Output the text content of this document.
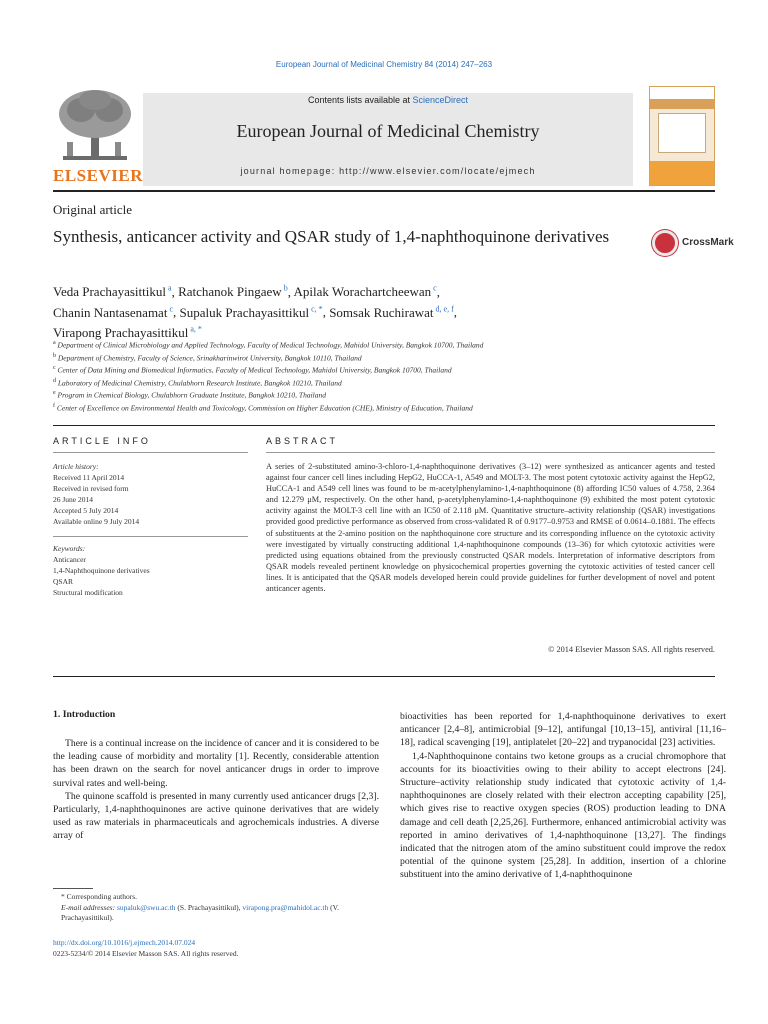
European Journal of Medicinal Chemistry 84 (2014) 247–263
ELSEVIER
Contents lists available at ScienceDirect
European Journal of Medicinal Chemistry
journal homepage: http://www.elsevier.com/locate/ejmech
Original article
Synthesis, anticancer activity and QSAR study of 1,4-naphthoquinone derivatives	CrossMark
Veda Prachayasittikul $^a$, Ratchanok Pingaew $^b$, Apilak Worachartcheewan $^c$,
Chanin Nantasenamat $^c$, Supaluk Prachayasittikul $^{c, *}$, Somsak Ruchirawat $^{d, e, f}$,
Virapong Prachayasittikul $^{a, *}$
$^a$ Department of Clinical Microbiology and Applied Technology, Faculty of Medical Technology, Mahidol University, Bangkok 10700, Thailand
$^b$ Department of Chemistry, Faculty of Science, Srinakharinwirot University, Bangkok 10110, Thailand
$^c$ Center of Data Mining and Biomedical Informatics, Faculty of Medical Technology, Mahidol University, Bangkok 10700, Thailand
$^d$ Laboratory of Medicinal Chemistry, Chulabhorn Research Institute, Bangkok 10210, Thailand
$^e$ Program in Chemical Biology, Chulabhorn Graduate Institute, Bangkok 10210, Thailand
$^f$ Center of Excellence on Environmental Health and Toxicology, Commission on Higher Education (CHE), Ministry of Education, Thailand
ARTICLE INFO
Article history:
Received 11 April 2014
Received in revised form
26 June 2014
Accepted 5 July 2014
Available online 9 July 2014
Keywords:
Anticancer
1,4-Naphthoquinone derivatives
QSAR
Structural modification
ABSTRACT
A series of 2-substituted amino-3-chloro-1,4-naphthoquinone derivatives (3–12) were synthesized as anticancer agents and tested against four cancer cell lines including HepG2, HuCCA-1, A549 and MOLT-3. The most potent cytotoxic activity against the HepG2, HuCCA-1 and A549 cell lines was found to be m-acetylphenylamino-1,4-naphthoquinone (8) affording IC50 values of 4.758, 2.364 and 12.279 μM, respectively. On the other hand, p-acetylphenylamino-1,4-naphthoquinone (9) exhibited the most potent cytotoxic activity against the MOLT-3 cell line with an IC50 of 2.118 μM. Quantitative structure–activity relationship (QSAR) investigations provided good predictive performance as observed from cross-validated R of 0.9177–0.9753 and RMSE of 0.0614–0.1881. The effects of substituents at the 2-amino position on the naphthoquinone core structure and its corresponding influence on the cytotoxic activity were investigated by virtually constructing additional 1,4-naphthoquinone compounds (13–36) for which cytotoxic activities were predicted using equations obtained from the previously constructed QSAR models. Interpretation of informative descriptors from QSAR models revealed pertinent knowledge on physicochemical properties governing the cytotoxic activities of tested cancer cell lines. It is anticipated that the QSAR models developed herein could provide guidelines for further development of novel and potent anticancer agents.
© 2014 Elsevier Masson SAS. All rights reserved.
1. Introduction

There is a continual increase on the incidence of cancer and it is considered to be the leading cause of morbidity and mortality [1]. Recently, considerable attention has been drawn on the search for novel anticancer drugs in order to improve survival rates and well-being.

The quinone scaffold is presented in many currently used anticancer drugs [2,3]. Particularly, 1,4-naphthoquinones are active quinone derivatives that are widely used as raw materials in pharmaceuticals and agrochemicals industries. A diverse array of

bioactivities has been reported for 1,4-naphthoquinone derivatives to exert anticancer [2,4–8], antimicrobial [9–12], antifungal [10,13–15], antiviral [11,16–18], radical scavenging [19], antiplatelet [20–22] and trypanocidal [23] activities.

1,4-Naphthoquinone contains two ketone groups as a crucial chromophore that accounts for its bioactivities owing to their ability to accept electrons [24]. Structure–activity relationship study indicated that cytotoxic activity of 1,4-naphthoquinones are closely related with their electron accepting capability [25], which gives rise to reactive oxygen species (ROS) production leading to DNA damage and cell death [2,25,26]. Furthermore, enhanced antimicrobial activity was reported in amino derivatives of 1,4-naphthoquinone [13,27]. The findings indicated that the nitrogen atom of the amino substituent could improve the redox potential of the quinone system [25,28]. In addition, insertion of a chlorine substituent into the amino derivative of 1,4-naphthoquinone

* Corresponding authors.
E-mail addresses: supaluk@swu.ac.th (S. Prachayasittikul), virapong.pra@mahidol.ac.th (V. Prachayasittikul).
http://dx.doi.org/10.1016/j.ejmech.2014.07.024
0223-5234/© 2014 Elsevier Masson SAS. All rights reserved.
